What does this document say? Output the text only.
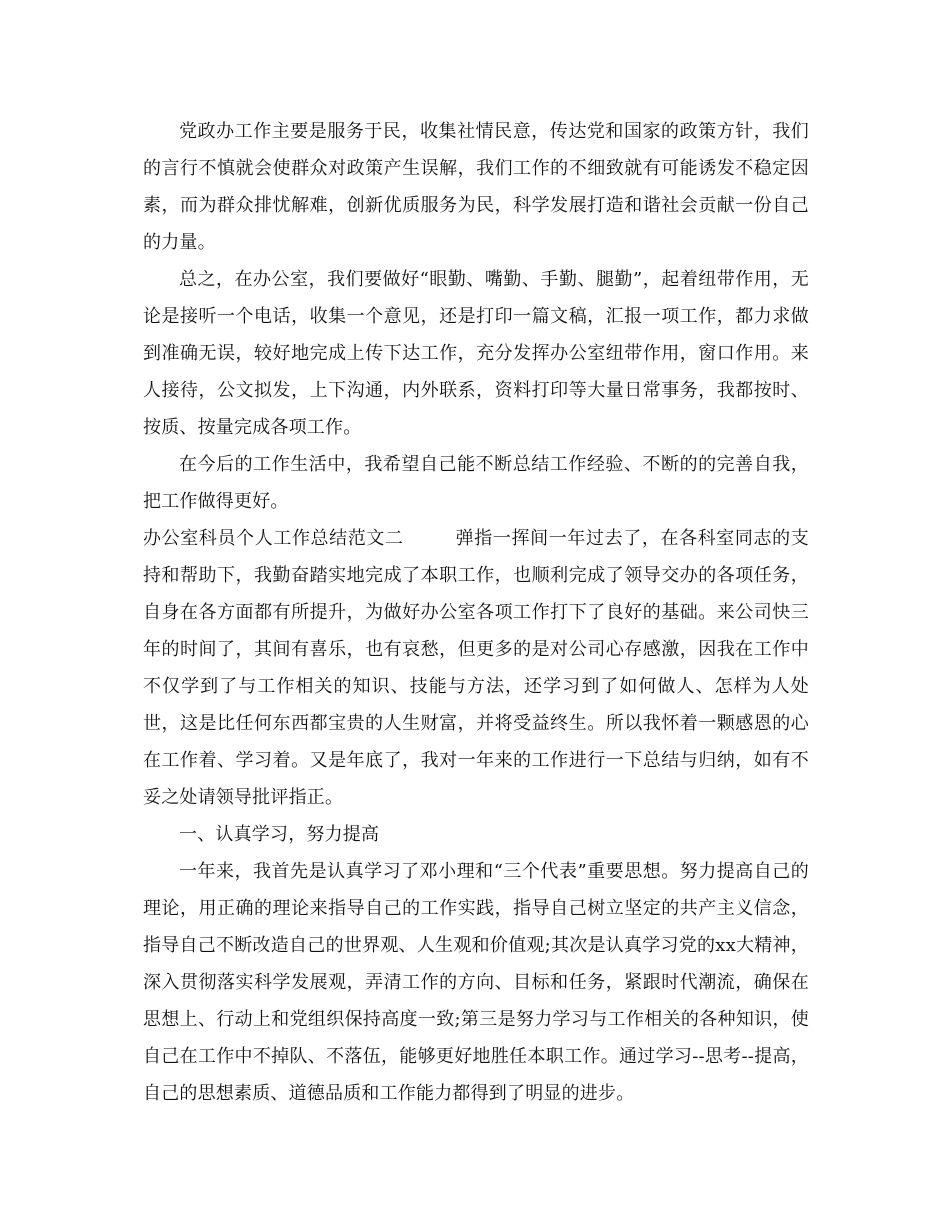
党政办工作主要是服务于民，收集社情民意，传达党和国家的政策方针，我们的言行不慎就会使群众对政策产生误解，我们工作的不细致就有可能诱发不稳定因素，而为群众排忧解难，创新优质服务为民，科学发展打造和谐社会贡献一份自己的力量。

总之，在办公室，我们要做好“眼勤、嘴勤、手勤、腿勤”，起着纽带作用，无论是接听一个电话，收集一个意见，还是打印一篇文稿，汇报一项工作，都力求做到准确无误，较好地完成上传下达工作，充分发挥办公室纽带作用，窗口作用。来人接待，公文拟发，上下沟通，内外联系，资料打印等大量日常事务，我都按时、按质、按量完成各项工作。

在今后的工作生活中，我希望自己能不断总结工作经验、不断的的完善自我，把工作做得更好。

办公室科员个人工作总结范文二	弹指一挥间一年过去了，在各科室同志的支持和帮助下，我勤奋踏实地完成了本职工作，也顺利完成了领导交办的各项任务，自身在各方面都有所提升，为做好办公室各项工作打下了良好的基础。来公司快三年的时间了，其间有喜乐，也有哀愁，但更多的是对公司心存感激，因我在工作中不仅学到了与工作相关的知识、技能与方法，还学习到了如何做人、怎样为人处世，这是比任何东西都宝贵的人生财富，并将受益终生。所以我怀着一颗感恩的心在工作着、学习着。又是年底了，我对一年来的工作进行一下总结与归纳，如有不妥之处请领导批评指正。

一、认真学习，努力提高

一年来，我首先是认真学习了邓小理和“三个代表”重要思想。努力提高自己的理论，用正确的理论来指导自己的工作实践，指导自己树立坚定的共产主义信念，指导自己不断改造自己的世界观、人生观和价值观;其次是认真学习党的xx大精神，深入贯彻落实科学发展观，弄清工作的方向、目标和任务，紧跟时代潮流，确保在思想上、行动上和党组织保持高度一致;第三是努力学习与工作相关的各种知识，使自己在工作中不掉队、不落伍，能够更好地胜任本职工作。通过学习--思考--提高，自己的思想素质、道德品质和工作能力都得到了明显的进步。
